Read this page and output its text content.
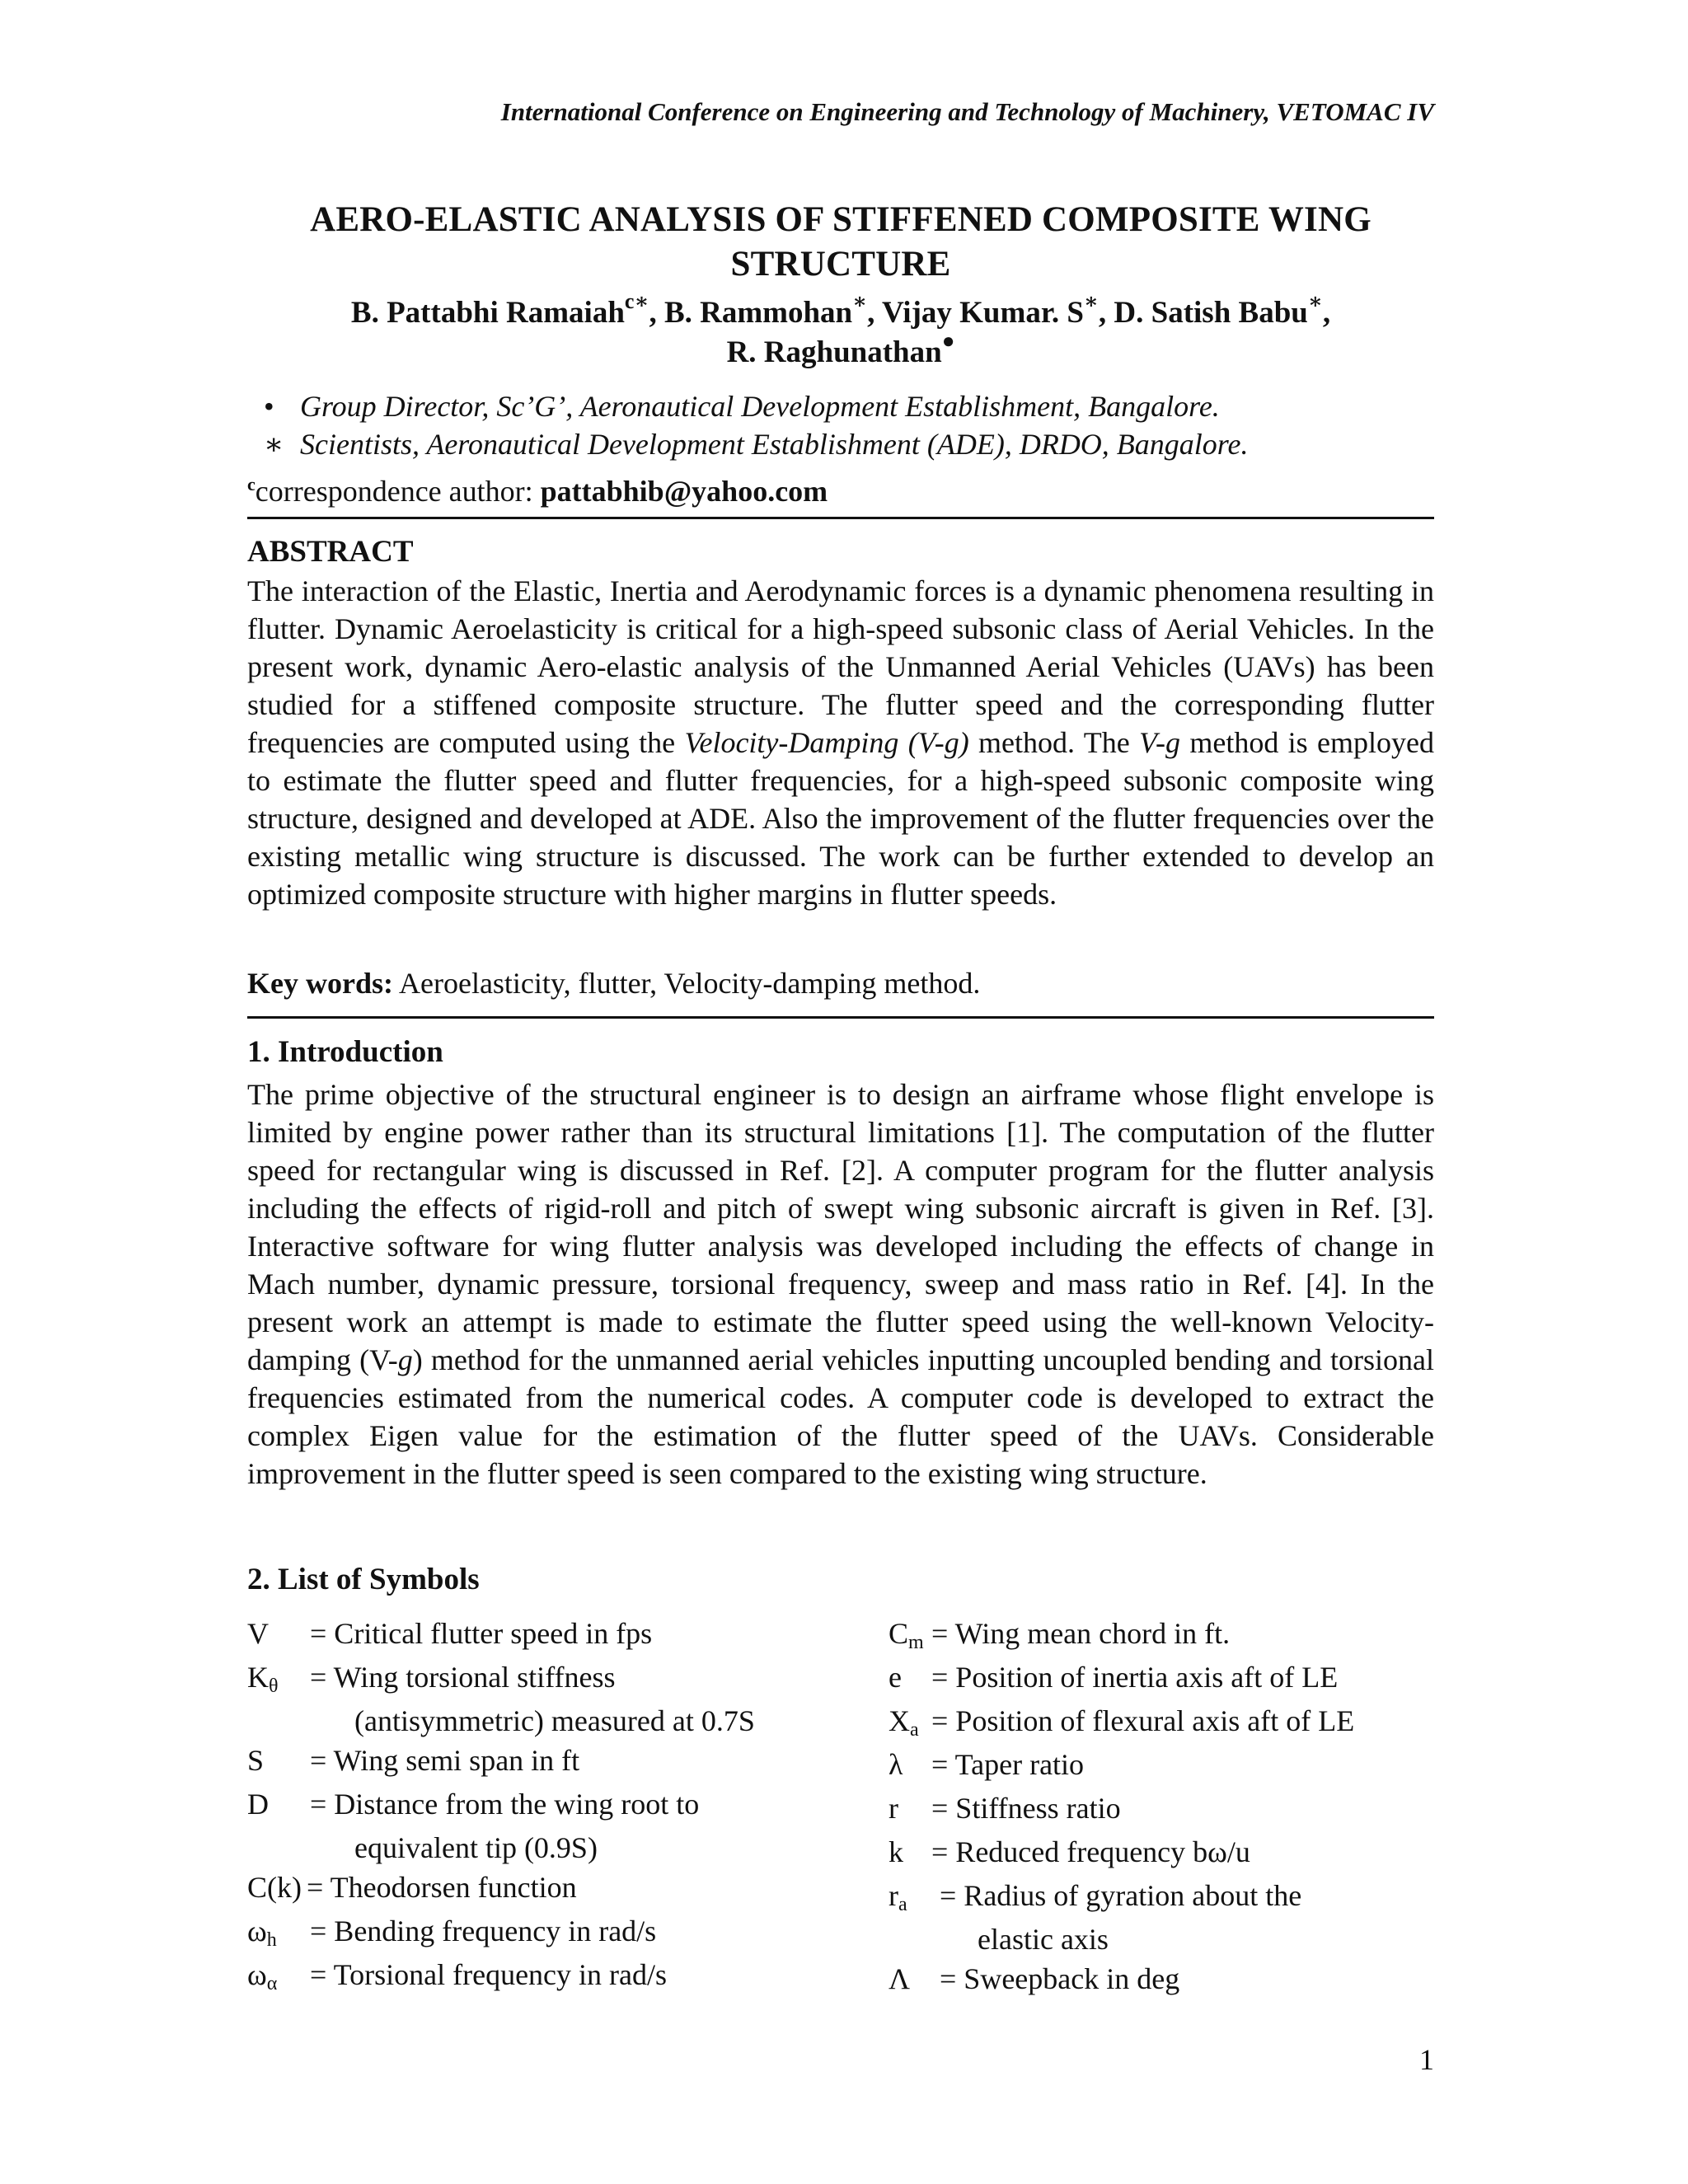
International Conference on Engineering and Technology of Machinery, VETOMAC IV
AERO-ELASTIC ANALYSIS OF STIFFENED COMPOSITE WING STRUCTURE
B. Pattabhi Ramaiah$^{c∗}$, B. Rammohan∗, Vijay Kumar. S∗, D. Satish Babu∗,
R. Raghunathan●
• Group Director, Sc’G’, Aeronautical Development Establishment, Bangalore.
∗ Scientists, Aeronautical Development Establishment (ADE), DRDO, Bangalore.
$^c$correspondence author: pattabhib@yahoo.com
ABSTRACT
The interaction of the Elastic, Inertia and Aerodynamic forces is a dynamic phenomena resulting in flutter. Dynamic Aeroelasticity is critical for a high-speed subsonic class of Aerial Vehicles. In the present work, dynamic Aero-elastic analysis of the Unmanned Aerial Vehicles (UAVs) has been studied for a stiffened composite structure. The flutter speed and the corresponding flutter frequencies are computed using the Velocity-Damping (V-g) method. The V-g method is employed to estimate the flutter speed and flutter frequencies, for a high-speed subsonic composite wing structure, designed and developed at ADE. Also the improvement of the flutter frequencies over the existing metallic wing structure is discussed. The work can be further extended to develop an optimized composite structure with higher margins in flutter speeds.
Key words: Aeroelasticity, flutter, Velocity-damping method.
1. Introduction
The prime objective of the structural engineer is to design an airframe whose flight envelope is limited by engine power rather than its structural limitations [1]. The computation of the flutter speed for rectangular wing is discussed in Ref. [2]. A computer program for the flutter analysis including the effects of rigid-roll and pitch of swept wing subsonic aircraft is given in Ref. [3]. Interactive software for wing flutter analysis was developed including the effects of change in Mach number, dynamic pressure, torsional frequency, sweep and mass ratio in Ref. [4]. In the present work an attempt is made to estimate the flutter speed using the well-known Velocity-damping (V-g) method for the unmanned aerial vehicles inputting uncoupled bending and torsional frequencies estimated from the numerical codes. A computer code is developed to extract the complex Eigen value for the estimation of the flutter speed of the UAVs. Considerable improvement in the flutter speed is seen compared to the existing wing structure.
2. List of Symbols
V	= Critical flutter speed in fps
Kθ	= Wing torsional stiffness
(antisymmetric) measured at 0.7S
S	= Wing semi span in ft
D	= Distance from the wing root to
equivalent tip (0.9S)
C(k) = Theodorsen function
ωh	= Bending frequency in rad/s
ωα	= Torsional frequency in rad/s
Cm = Wing mean chord in ft.
e	= Position of inertia axis aft of LE
Xa = Position of flexural axis aft of LE
λ = Taper ratio
r	= Stiffness ratio
k = Reduced frequency bω/u
ra	= Radius of gyration about the
elastic axis
Λ = Sweepback in deg
1
